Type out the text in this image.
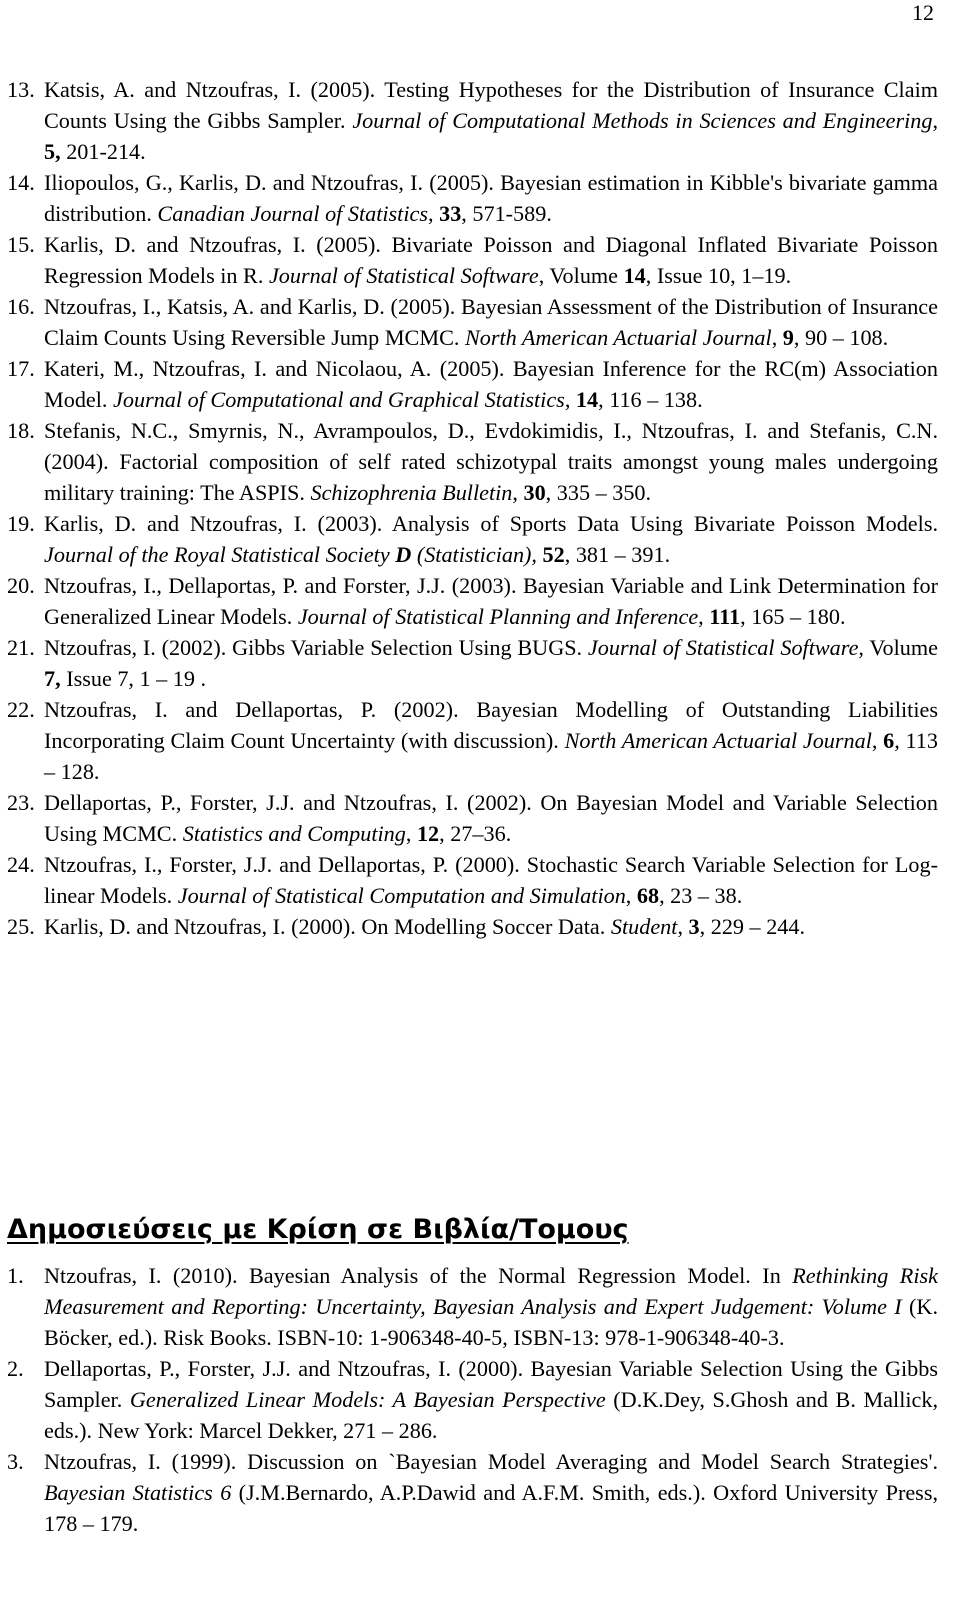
12
13. Katsis, A. and Ntzoufras, I. (2005). Testing Hypotheses for the Distribution of Insurance Claim Counts Using the Gibbs Sampler. Journal of Computational Methods in Sciences and Engineering, 5, 201-214.
14. Iliopoulos, G., Karlis, D. and Ntzoufras, I. (2005). Bayesian estimation in Kibble's bivariate gamma distribution. Canadian Journal of Statistics, 33, 571-589.
15. Karlis, D. and Ntzoufras, I. (2005). Bivariate Poisson and Diagonal Inflated Bivariate Poisson Regression Models in R. Journal of Statistical Software, Volume 14, Issue 10, 1–19.
16. Ntzoufras, I., Katsis, A. and Karlis, D. (2005). Bayesian Assessment of the Distribution of Insurance Claim Counts Using Reversible Jump MCMC. North American Actuarial Journal, 9, 90 – 108.
17. Kateri, M., Ntzoufras, I. and Nicolaou, A. (2005). Bayesian Inference for the RC(m) Association Model. Journal of Computational and Graphical Statistics, 14, 116 – 138.
18. Stefanis, N.C., Smyrnis, N., Avrampoulos, D., Evdokimidis, I., Ntzoufras, I. and Stefanis, C.N. (2004). Factorial composition of self rated schizotypal traits amongst young males undergoing military training: The ASPIS. Schizophrenia Bulletin, 30, 335 – 350.
19. Karlis, D. and Ntzoufras, I. (2003). Analysis of Sports Data Using Bivariate Poisson Models. Journal of the Royal Statistical Society D (Statistician), 52, 381 – 391.
20. Ntzoufras, I., Dellaportas, P. and Forster, J.J. (2003). Bayesian Variable and Link Determination for Generalized Linear Models. Journal of Statistical Planning and Inference, 111, 165 – 180.
21. Ntzoufras, I. (2002). Gibbs Variable Selection Using BUGS. Journal of Statistical Software, Volume 7, Issue 7, 1 – 19 .
22. Ntzoufras, I. and Dellaportas, P. (2002). Bayesian Modelling of Outstanding Liabilities Incorporating Claim Count Uncertainty (with discussion). North American Actuarial Journal, 6, 113 – 128.
23. Dellaportas, P., Forster, J.J. and Ntzoufras, I. (2002). On Bayesian Model and Variable Selection Using MCMC. Statistics and Computing, 12, 27–36.
24. Ntzoufras, I., Forster, J.J. and Dellaportas, P. (2000). Stochastic Search Variable Selection for Log-linear Models. Journal of Statistical Computation and Simulation, 68, 23 – 38.
25. Karlis, D. and Ntzoufras, I. (2000). On Modelling Soccer Data. Student, 3, 229 – 244.
Δημοσιεύσεις με Κρίση σε Βιβλία/Τομους
1. Ntzoufras, I. (2010). Bayesian Analysis of the Normal Regression Model. In Rethinking Risk Measurement and Reporting: Uncertainty, Bayesian Analysis and Expert Judgement: Volume I (K. Böcker, ed.). Risk Books. ISBN-10: 1-906348-40-5, ISBN-13: 978-1-906348-40-3.
2. Dellaportas, P., Forster, J.J. and Ntzoufras, I. (2000). Bayesian Variable Selection Using the Gibbs Sampler. Generalized Linear Models: A Bayesian Perspective (D.K.Dey, S.Ghosh and B. Mallick, eds.). New York: Marcel Dekker, 271 – 286.
3. Ntzoufras, I. (1999). Discussion on `Bayesian Model Averaging and Model Search Strategies'. Bayesian Statistics 6 (J.M.Bernardo, A.P.Dawid and A.F.M. Smith, eds.). Oxford University Press, 178 – 179.
